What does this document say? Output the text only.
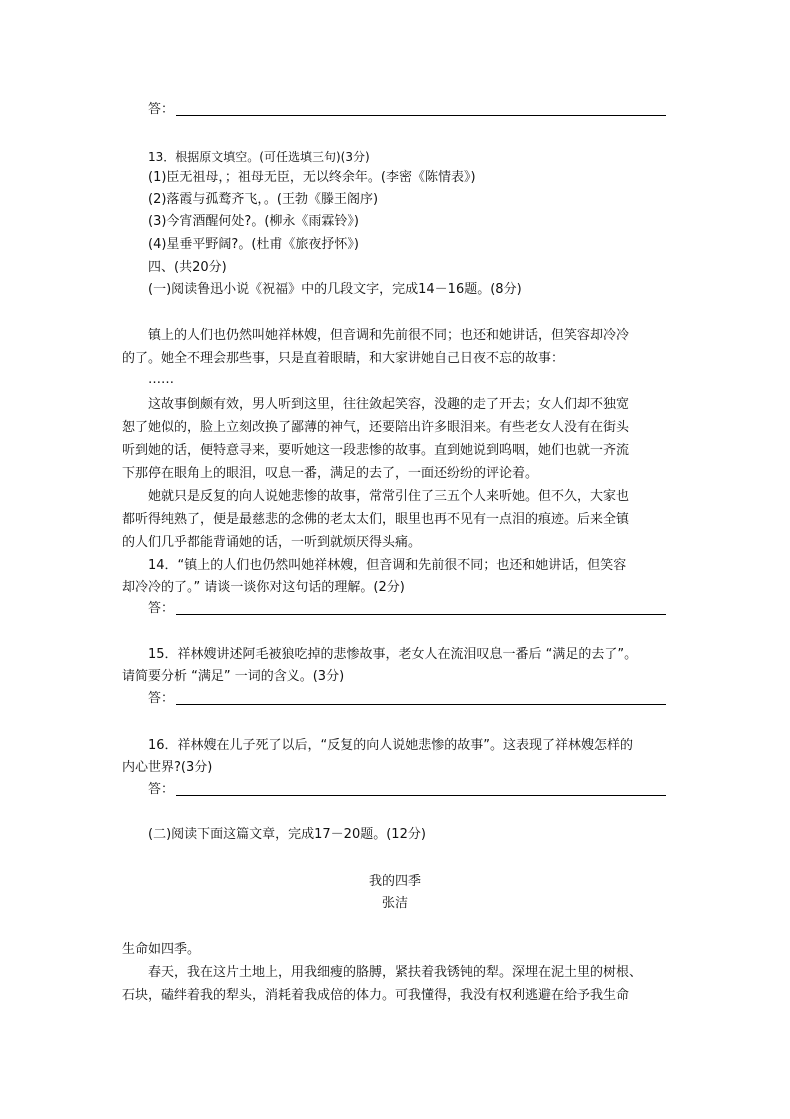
答：
13．根据原文填空。(可任选填三句)(3分)
(1)臣无祖母，；祖母无臣，无以终余年。(李密《陈情表》)
(2)落霞与孤鹜齐飞，。(王勃《滕王阁序)
(3)今宵酒醒何处?。(柳永《雨霖铃》)
(4)星垂平野阔?。(杜甫《旅夜抒怀》)
四、(共20分)
(一)阅读鲁迅小说《祝福》中的几段文字，完成14－16题。(8分)
镇上的人们也仍然叫她祥林嫂，但音调和先前很不同；也还和她讲话，但笑容却冷冷
的了。她全不理会那些事，只是直着眼睛，和大家讲她自己日夜不忘的故事：
……
这故事倒颇有效，男人听到这里，往往敛起笑容，没趣的走了开去；女人们却不独宽
恕了她似的，脸上立刻改换了鄙薄的神气，还要陪出许多眼泪来。有些老女人没有在街头
听到她的话，便特意寻来，要听她这一段悲惨的故事。直到她说到呜咽，她们也就一齐流
下那停在眼角上的眼泪，叹息一番，满足的去了，一面还纷纷的评论着。
她就只是反复的向人说她悲惨的故事，常常引住了三五个人来听她。但不久，大家也
都听得纯熟了，便是最慈悲的念佛的老太太们，眼里也再不见有一点泪的痕迹。后来全镇
的人们几乎都能背诵她的话，一听到就烦厌得头痛。
14．“镇上的人们也仍然叫她祥林嫂，但音调和先前很不同；也还和她讲话，但笑容
却冷冷的了。” 请谈一谈你对这句话的理解。(2分)
答：
15．祥林嫂讲述阿毛被狼吃掉的悲惨故事，老女人在流泪叹息一番后 “满足的去了”。
请简要分析 “满足” 一词的含义。(3分)
答：
16．祥林嫂在儿子死了以后，“反复的向人说她悲惨的故事”。这表现了祥林嫂怎样的
内心世界?(3分)
答：
(二)阅读下面这篇文章，完成17－20题。(12分)
我的四季
张洁
生命如四季。
春天，我在这片土地上，用我细瘦的胳膊，紧扶着我锈钝的犁。深埋在泥土里的树根、
石块，磕绊着我的犁头，消耗着我成倍的体力。可我懂得，我没有权利逃避在给予我生命
